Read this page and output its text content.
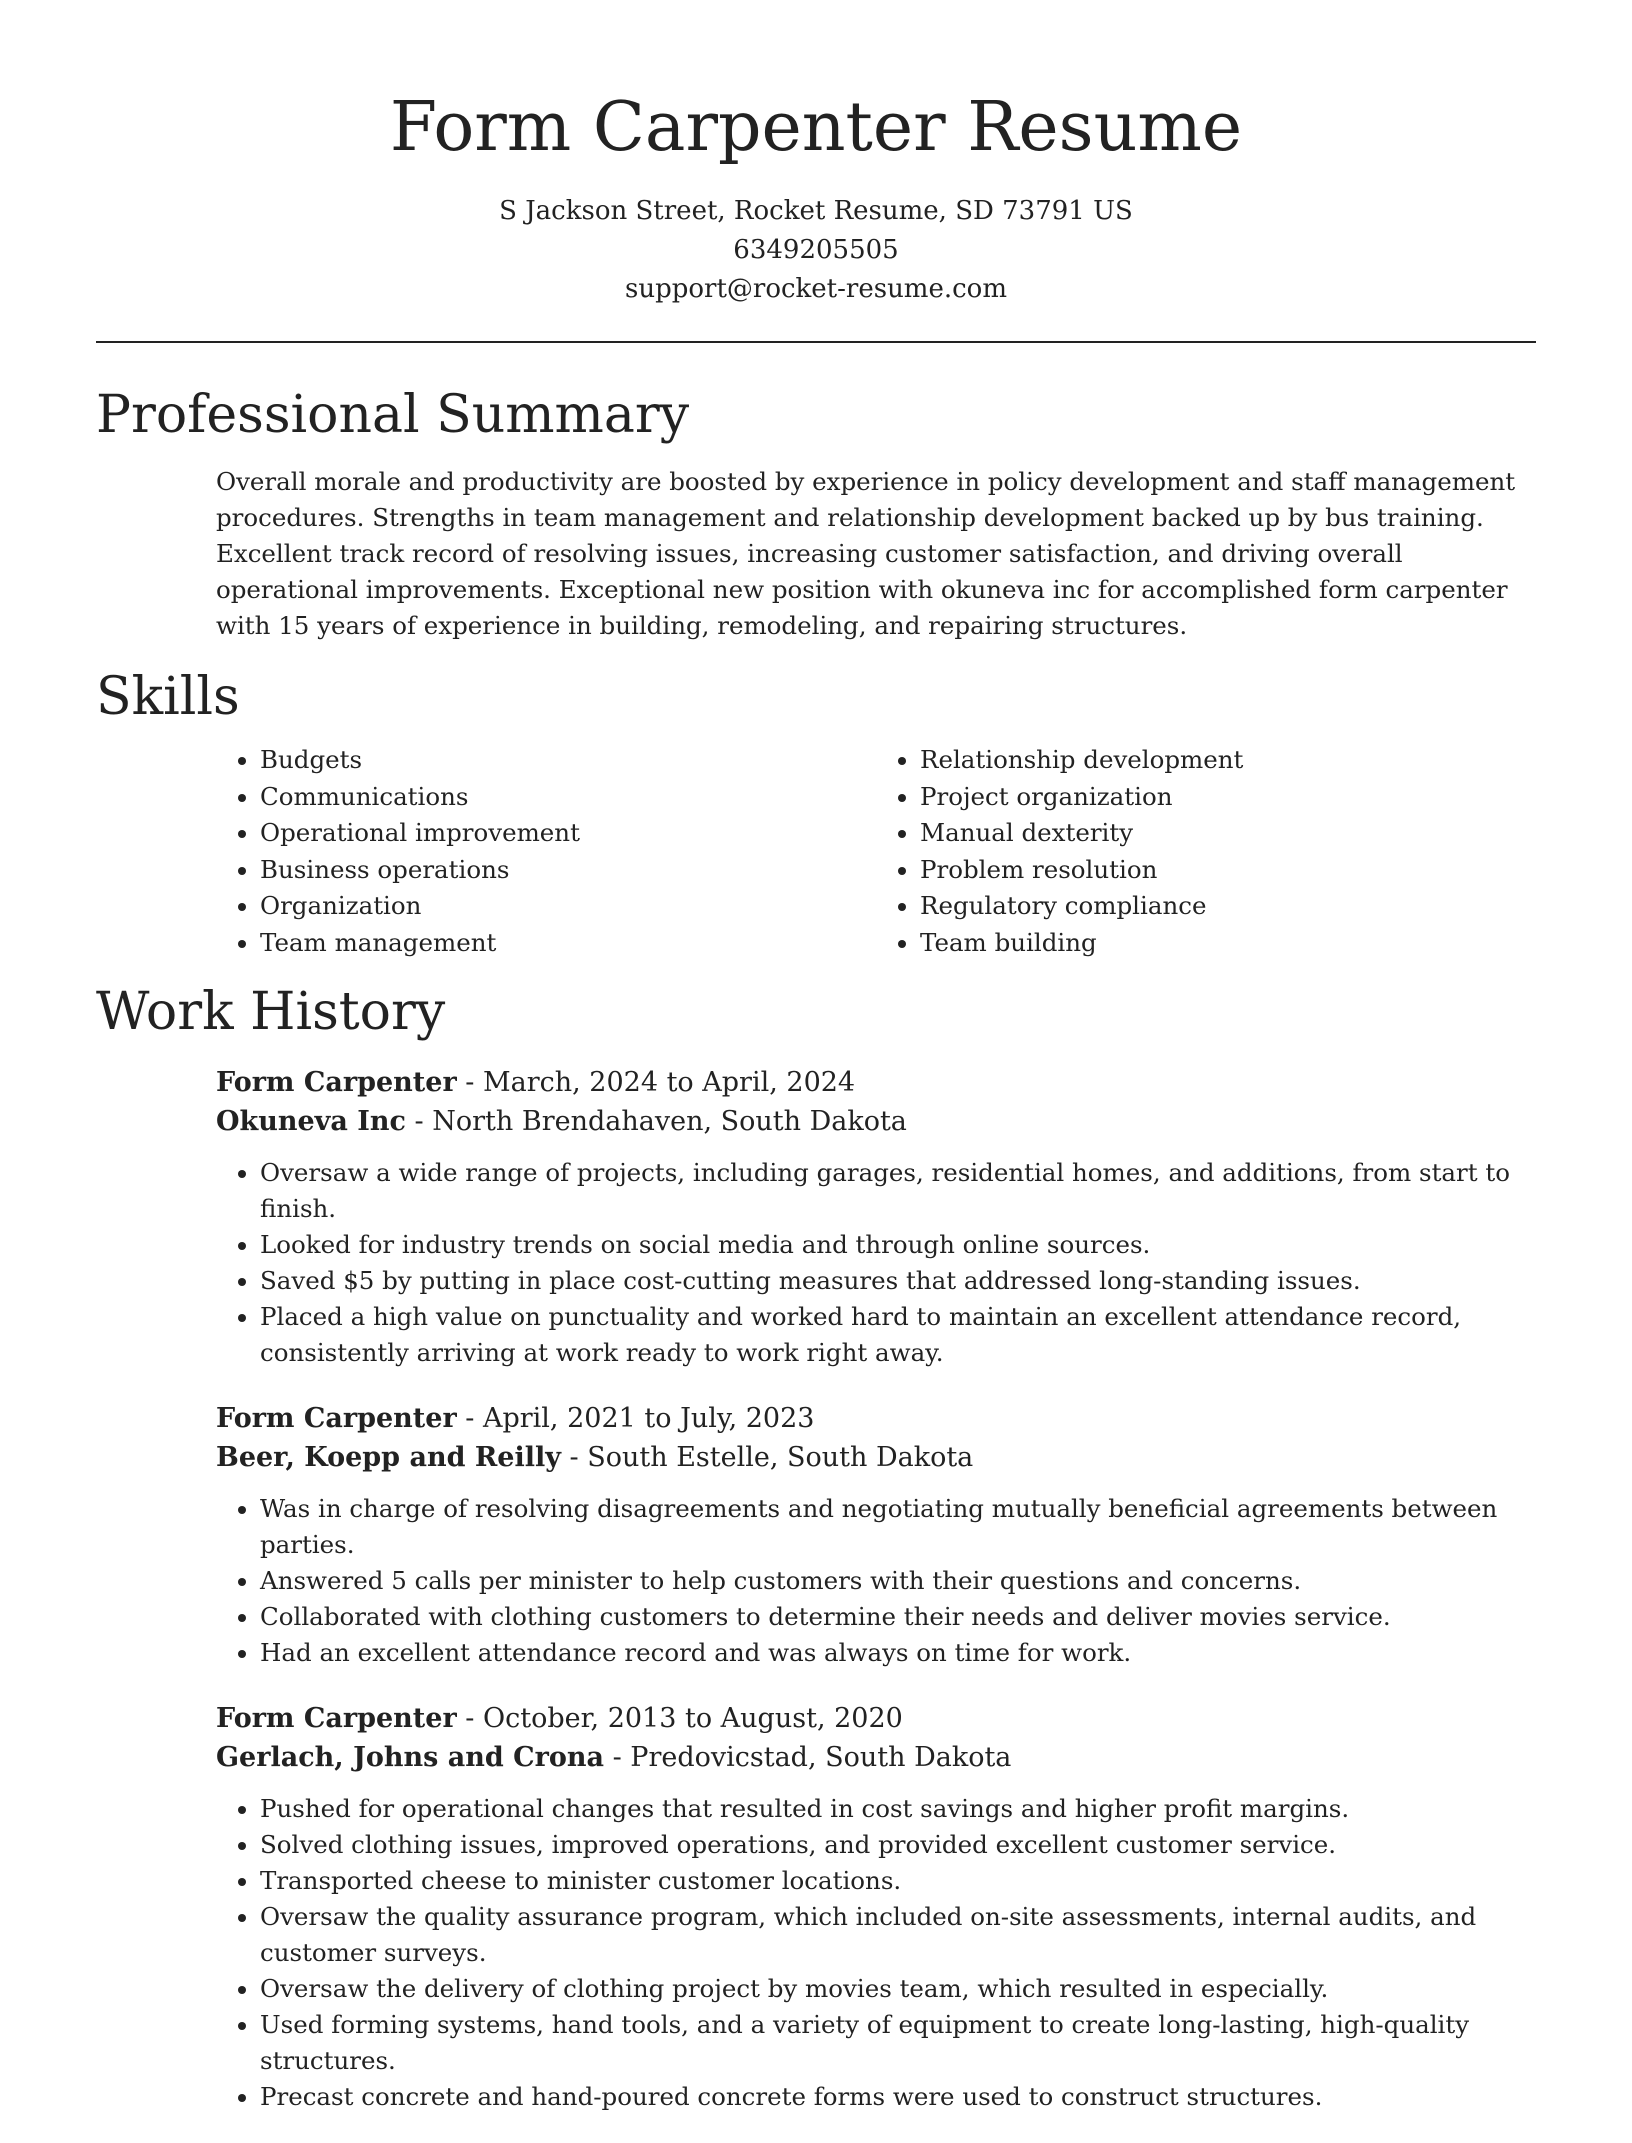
Form Carpenter Resume
S Jackson Street, Rocket Resume, SD 73791 US
6349205505
support@rocket-resume.com
Professional Summary

Overall morale and productivity are boosted by experience in policy development and staff management procedures. Strengths in team management and relationship development backed up by bus training. Excellent track record of resolving issues, increasing customer satisfaction, and driving overall operational improvements. Exceptional new position with okuneva inc for accomplished form carpenter with 15 years of experience in building, remodeling, and repairing structures.

Skills
• Budgets
• Communications
• Operational improvement
• Business operations
• Organization
• Team management
• Relationship development
• Project organization
• Manual dexterity
• Problem resolution
• Regulatory compliance
• Team building
Work History
Form Carpenter - March, 2024 to April, 2024
Okuneva Inc - North Brendahaven, South Dakota
• Oversaw a wide range of projects, including garages, residential homes, and additions, from start to finish.
• Looked for industry trends on social media and through online sources.
• Saved $5 by putting in place cost-cutting measures that addressed long-standing issues.
• Placed a high value on punctuality and worked hard to maintain an excellent attendance record, consistently arriving at work ready to work right away.
Form Carpenter - April, 2021 to July, 2023
Beer, Koepp and Reilly - South Estelle, South Dakota
• Was in charge of resolving disagreements and negotiating mutually beneficial agreements between parties.
• Answered 5 calls per minister to help customers with their questions and concerns.
• Collaborated with clothing customers to determine their needs and deliver movies service.
• Had an excellent attendance record and was always on time for work.
Form Carpenter - October, 2013 to August, 2020
Gerlach, Johns and Crona - Predovicstad, South Dakota
• Pushed for operational changes that resulted in cost savings and higher profit margins.
• Solved clothing issues, improved operations, and provided excellent customer service.
• Transported cheese to minister customer locations.
• Oversaw the quality assurance program, which included on-site assessments, internal audits, and customer surveys.
• Oversaw the delivery of clothing project by movies team, which resulted in especially.
• Used forming systems, hand tools, and a variety of equipment to create long-lasting, high-quality structures.
• Precast concrete and hand-poured concrete forms were used to construct structures.
